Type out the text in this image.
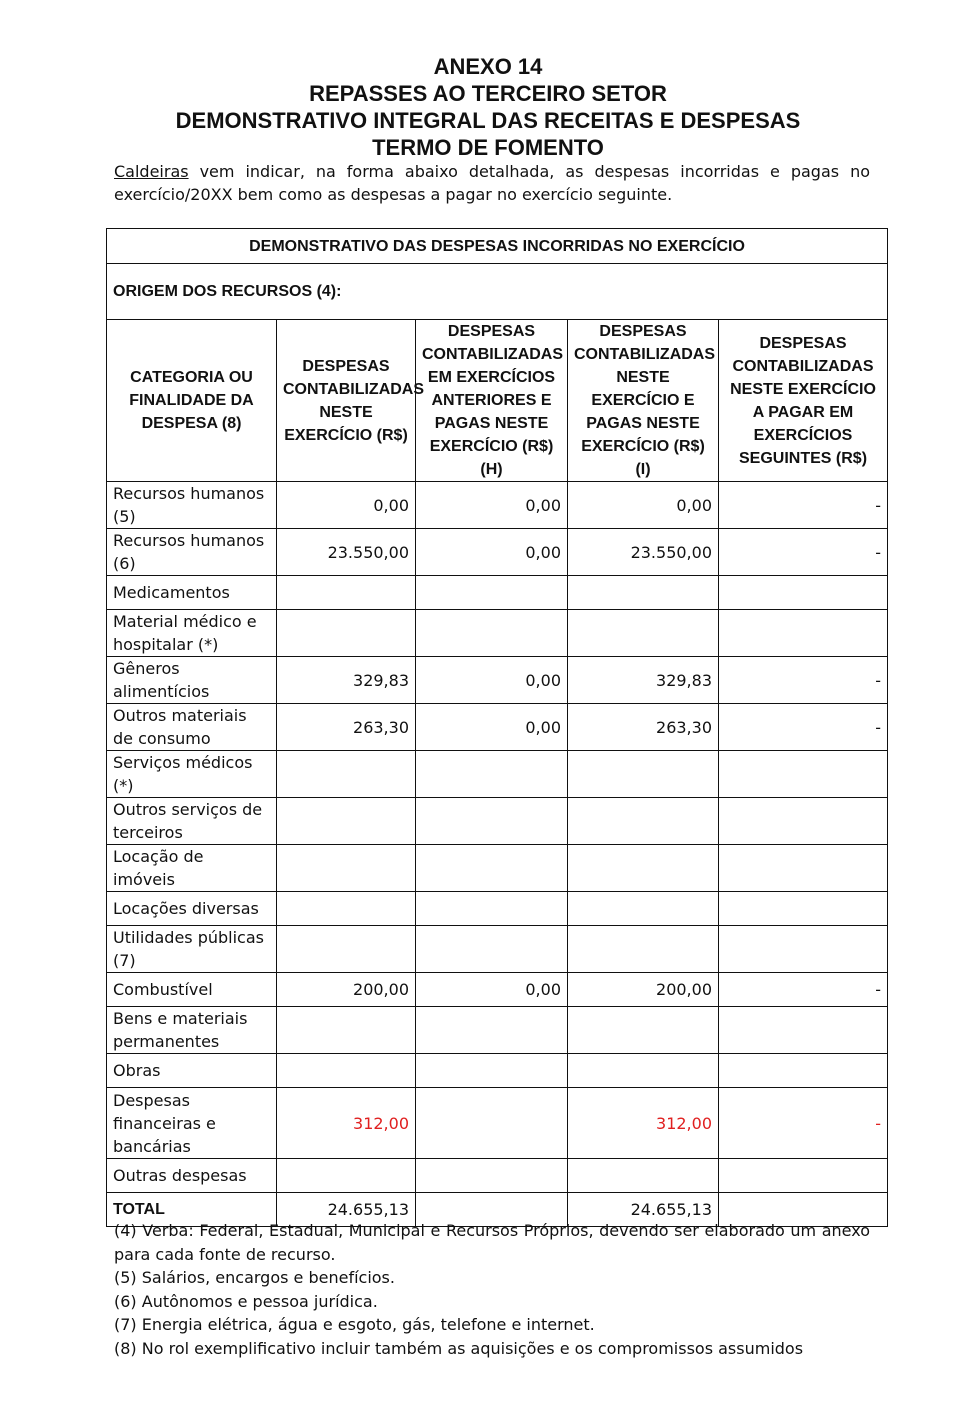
ANEXO 14
REPASSES AO TERCEIRO SETOR
DEMONSTRATIVO INTEGRAL DAS RECEITAS E DESPESAS
TERMO DE FOMENTO
Caldeiras vem indicar, na forma abaixo detalhada, as despesas incorridas e pagas no exercício/20XX bem como as despesas a pagar no exercício seguinte.
DEMONSTRATIVO DAS DESPESAS INCORRIDAS NO EXERCÍCIO				
ORIGEM DOS RECURSOS (4):				
CATEGORIA OU FINALIDADE DA DESPESA (8)	DESPESAS CONTABILIZADAS NESTE EXERCÍCIO (R$)	DESPESAS CONTABILIZADAS EM EXERCÍCIOS ANTERIORES E PAGAS NESTE EXERCÍCIO (R$) (H)	DESPESAS CONTABILIZADAS NESTE EXERCÍCIO E PAGAS NESTE EXERCÍCIO (R$) (I)	DESPESAS CONTABILIZADAS NESTE EXERCÍCIO A PAGAR EM EXERCÍCIOS SEGUINTES (R$)
Recursos humanos (5)	0,00	0,00	0,00	-
Recursos humanos (6)	23.550,00	0,00	23.550,00	-
Medicamentos				
Material médico e hospitalar (*)				
Gêneros alimentícios	329,83	0,00	329,83	-
Outros materiais de consumo	263,30	0,00	263,30	-
Serviços médicos (*)				
Outros serviços de terceiros				
Locação de imóveis				
Locações diversas				
Utilidades públicas (7)				
Combustível	200,00	0,00	200,00	-
Bens e materiais permanentes				
Obras				
Despesas financeiras e bancárias	312,00		312,00	-
Outras despesas				
TOTAL	24.655,13		24.655,13	
(4) Verba: Federal, Estadual, Municipal e Recursos Próprios, devendo ser elaborado um anexo para cada fonte de recurso.
(5) Salários, encargos e benefícios.
(6) Autônomos e pessoa jurídica.
(7) Energia elétrica, água e esgoto, gás, telefone e internet.
(8) No rol exemplificativo incluir também as aquisições e os compromissos assumidos
